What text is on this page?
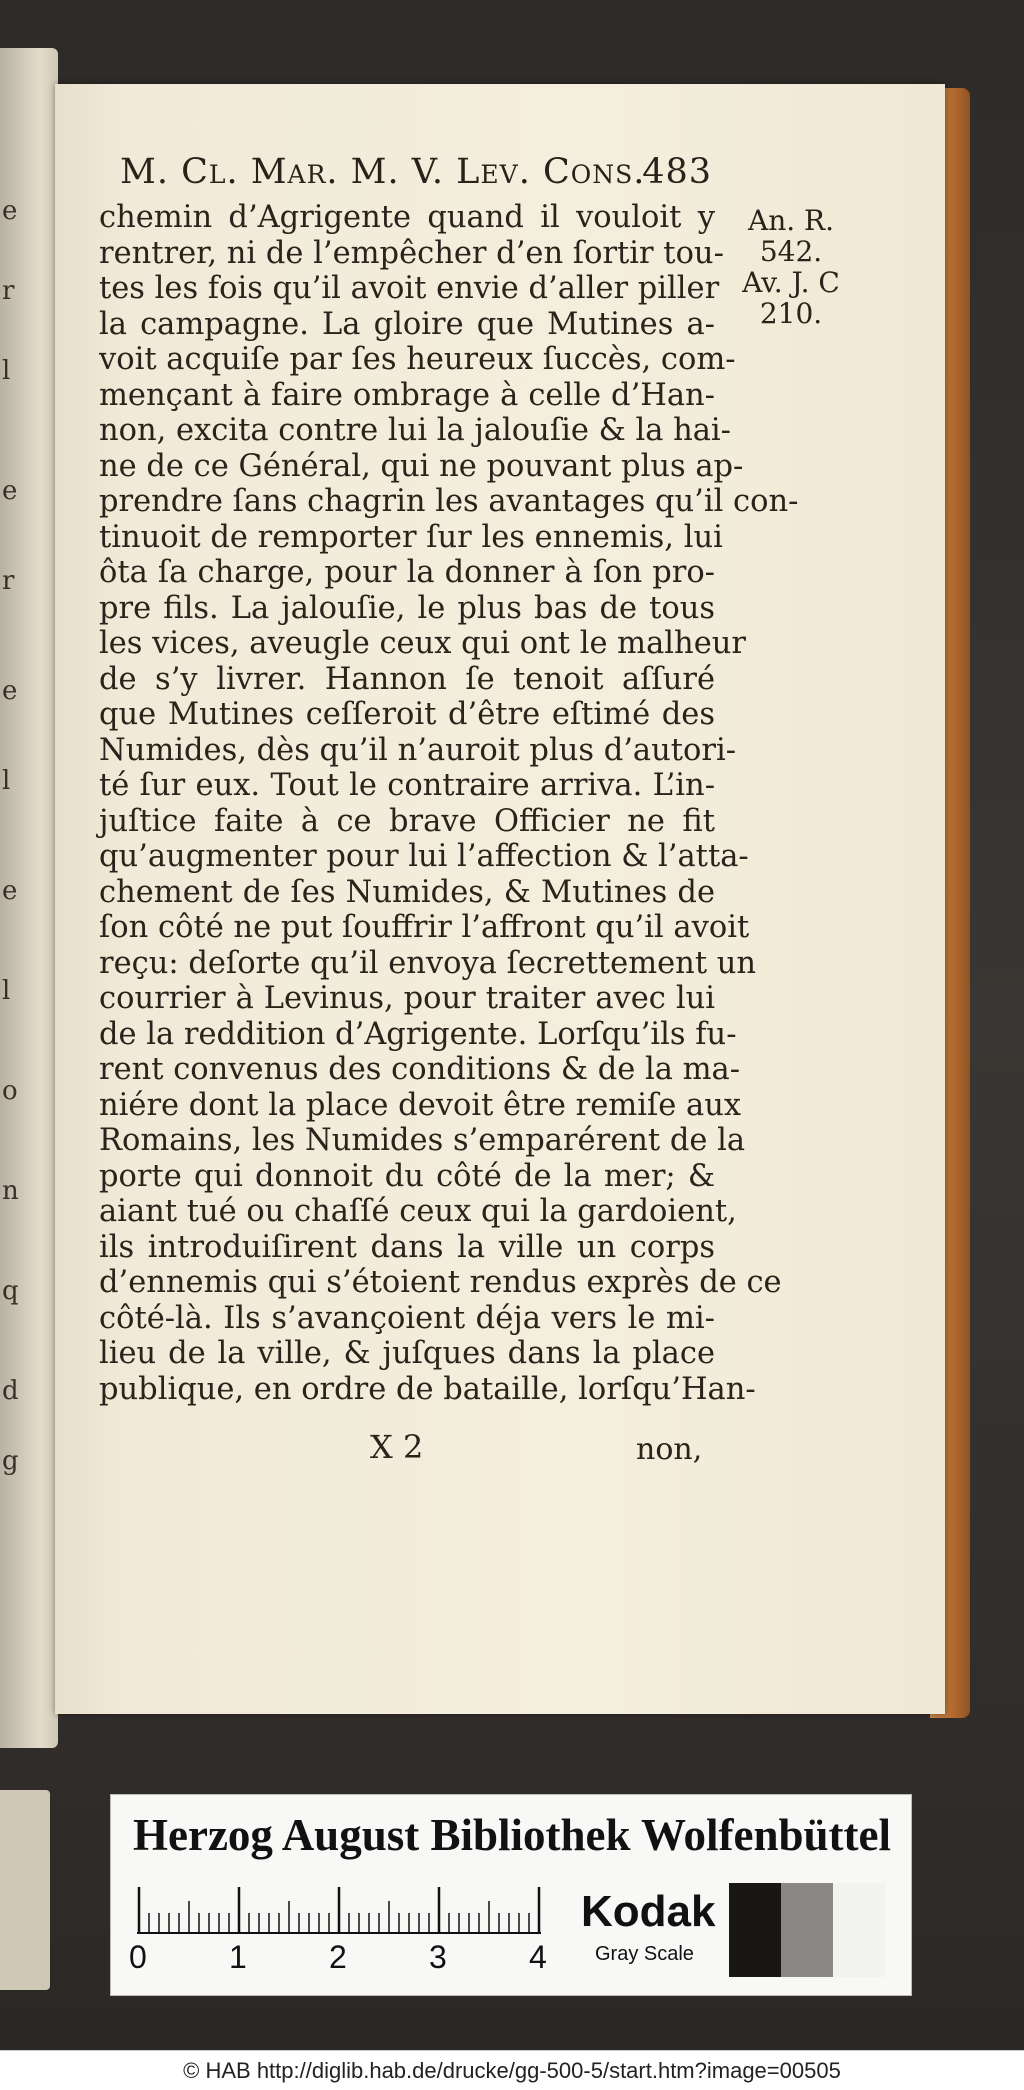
e
r
l
e
r
e
l
e
l
o
n
q
d
g
M. Cl. Mar. M. V. Lev. Cons.
483
chemin d’Agrigente quand il vouloit y
rentrer, ni de l’empêcher d’en ſortir tou-
tes les fois qu’il avoit envie d’aller piller
la campagne. La gloire que Mutines a-
voit acquiſe par ſes heureux ſuccès, com-
mençant à faire ombrage à celle d’Han-
non, excita contre lui la jalouſie & la hai-
ne de ce Général, qui ne pouvant plus ap-
prendre ſans chagrin les avantages qu’il con-
tinuoit de remporter ſur les ennemis, lui
ôta ſa charge, pour la donner à ſon pro-
pre fils. La jalouſie, le plus bas de tous
les vices, aveugle ceux qui ont le malheur
de s’y livrer. Hannon ſe tenoit aſſuré
que Mutines ceſſeroit d’être eſtimé des
Numides, dès qu’il n’auroit plus d’autori-
té ſur eux. Tout le contraire arriva. L’in-
juſtice faite à ce brave Officier ne fit
qu’augmenter pour lui l’affection & l’atta-
chement de ſes Numides, & Mutines de
ſon côté ne put ſouffrir l’affront qu’il avoit
reçu: deſorte qu’il envoya ſecrettement un
courrier à Levinus, pour traiter avec lui
de la reddition d’Agrigente. Lorſqu’ils fu-
rent convenus des conditions & de la ma-
niére dont la place devoit être remiſe aux
Romains, les Numides s’emparérent de la
porte qui donnoit du côté de la mer; &
aiant tué ou chaſſé ceux qui la gardoient,
ils introduiſirent dans la ville un corps
d’ennemis qui s’étoient rendus exprès de ce
côté-là. Ils s’avançoient déja vers le mi-
lieu de la ville, & juſques dans la place
publique, en ordre de bataille, lorſqu’Han-
An. R.
542.
Av. J. C
210.
X 2	non,
Herzog August Bibliothek Wolfenbüttel
0	1	2	3	4
Kodak
Gray Scale
© HAB http://diglib.hab.de/drucke/gg-500-5/start.htm?image=00505
